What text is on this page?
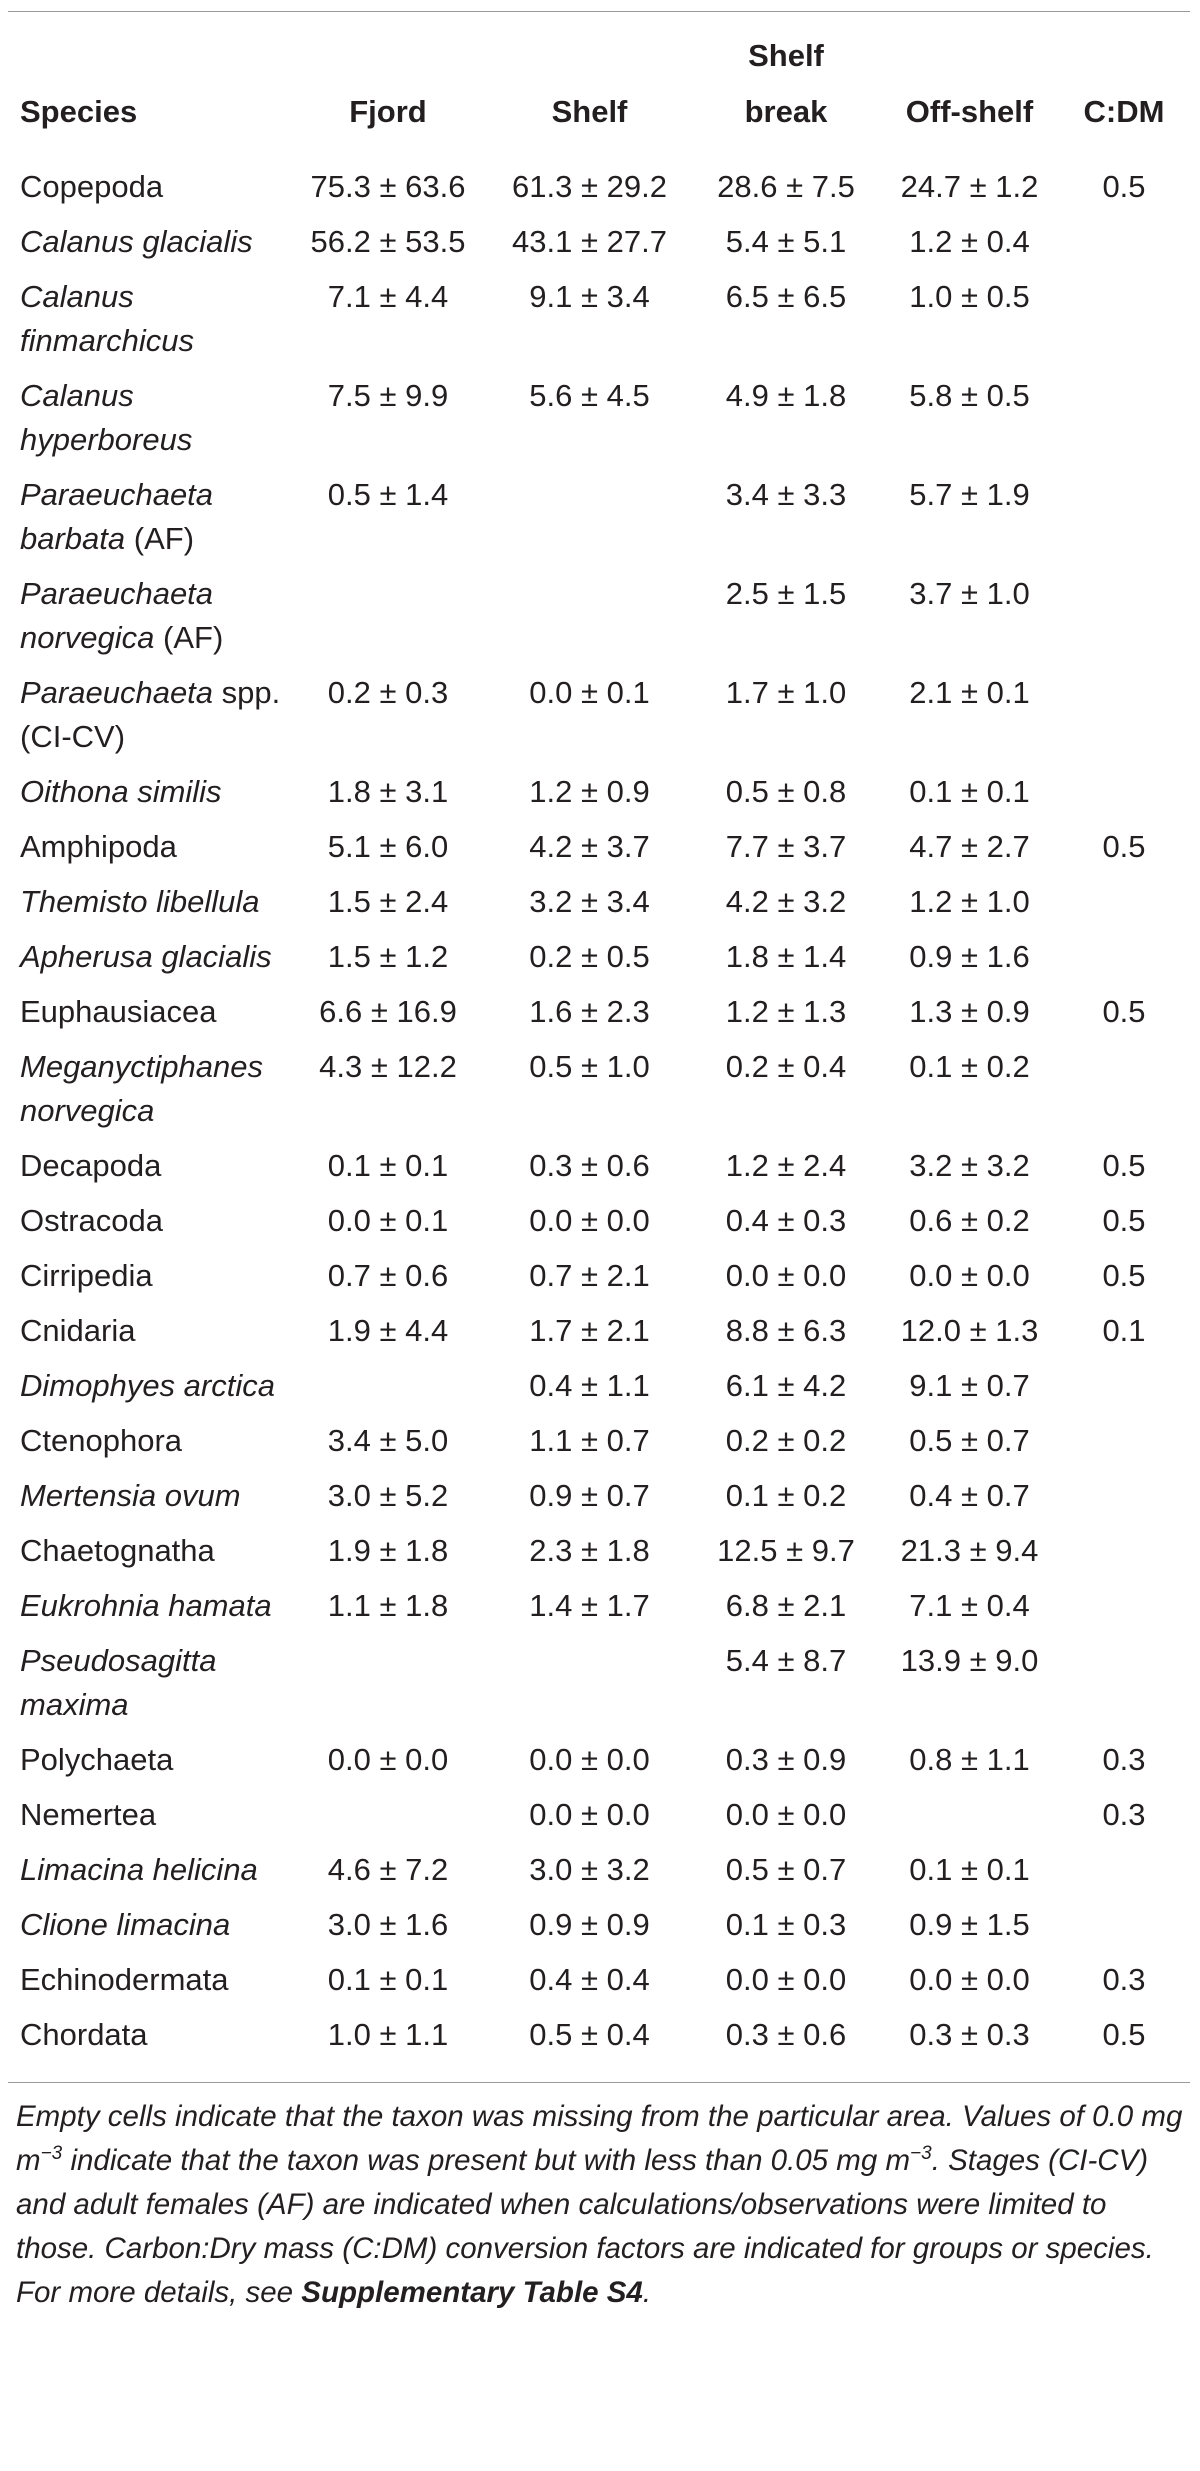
			Shelf		
Species	Fjord	Shelf	break	Off-shelf	C:DM
Copepoda	75.3 ± 63.6	61.3 ± 29.2	28.6 ± 7.5	24.7 ± 1.2	0.5
Calanus glacialis	56.2 ± 53.5	43.1 ± 27.7	5.4 ± 5.1	1.2 ± 0.4	
Calanus finmarchicus	7.1 ± 4.4	9.1 ± 3.4	6.5 ± 6.5	1.0 ± 0.5	
Calanus hyperboreus	7.5 ± 9.9	5.6 ± 4.5	4.9 ± 1.8	5.8 ± 0.5	
Paraeuchaeta barbata (AF)	0.5 ± 1.4		3.4 ± 3.3	5.7 ± 1.9	
Paraeuchaeta norvegica (AF)			2.5 ± 1.5	3.7 ± 1.0	
Paraeuchaeta spp. (CI-CV)	0.2 ± 0.3	0.0 ± 0.1	1.7 ± 1.0	2.1 ± 0.1	
Oithona similis	1.8 ± 3.1	1.2 ± 0.9	0.5 ± 0.8	0.1 ± 0.1	
Amphipoda	5.1 ± 6.0	4.2 ± 3.7	7.7 ± 3.7	4.7 ± 2.7	0.5
Themisto libellula	1.5 ± 2.4	3.2 ± 3.4	4.2 ± 3.2	1.2 ± 1.0	
Apherusa glacialis	1.5 ± 1.2	0.2 ± 0.5	1.8 ± 1.4	0.9 ± 1.6	
Euphausiacea	6.6 ± 16.9	1.6 ± 2.3	1.2 ± 1.3	1.3 ± 0.9	0.5
Meganyctiphanes norvegica	4.3 ± 12.2	0.5 ± 1.0	0.2 ± 0.4	0.1 ± 0.2	
Decapoda	0.1 ± 0.1	0.3 ± 0.6	1.2 ± 2.4	3.2 ± 3.2	0.5
Ostracoda	0.0 ± 0.1	0.0 ± 0.0	0.4 ± 0.3	0.6 ± 0.2	0.5
Cirripedia	0.7 ± 0.6	0.7 ± 2.1	0.0 ± 0.0	0.0 ± 0.0	0.5
Cnidaria	1.9 ± 4.4	1.7 ± 2.1	8.8 ± 6.3	12.0 ± 1.3	0.1
Dimophyes arctica		0.4 ± 1.1	6.1 ± 4.2	9.1 ± 0.7	
Ctenophora	3.4 ± 5.0	1.1 ± 0.7	0.2 ± 0.2	0.5 ± 0.7	
Mertensia ovum	3.0 ± 5.2	0.9 ± 0.7	0.1 ± 0.2	0.4 ± 0.7	
Chaetognatha	1.9 ± 1.8	2.3 ± 1.8	12.5 ± 9.7	21.3 ± 9.4	
Eukrohnia hamata	1.1 ± 1.8	1.4 ± 1.7	6.8 ± 2.1	7.1 ± 0.4	
Pseudosagitta maxima			5.4 ± 8.7	13.9 ± 9.0	
Polychaeta	0.0 ± 0.0	0.0 ± 0.0	0.3 ± 0.9	0.8 ± 1.1	0.3
Nemertea		0.0 ± 0.0	0.0 ± 0.0		0.3
Limacina helicina	4.6 ± 7.2	3.0 ± 3.2	0.5 ± 0.7	0.1 ± 0.1	
Clione limacina	3.0 ± 1.6	0.9 ± 0.9	0.1 ± 0.3	0.9 ± 1.5	
Echinodermata	0.1 ± 0.1	0.4 ± 0.4	0.0 ± 0.0	0.0 ± 0.0	0.3
Chordata	1.0 ± 1.1	0.5 ± 0.4	0.3 ± 0.6	0.3 ± 0.3	0.5
Empty cells indicate that the taxon was missing from the particular area. Values of 0.0 mg $m^{-3}$ indicate that the taxon was present but with less than 0.05 mg $m^{-3}$. Stages (CI-CV) and adult females (AF) are indicated when calculations/observations were limited to those. Carbon:Dry mass (C:DM) conversion factors are indicated for groups or species. For more details, see Supplementary Table S4.
